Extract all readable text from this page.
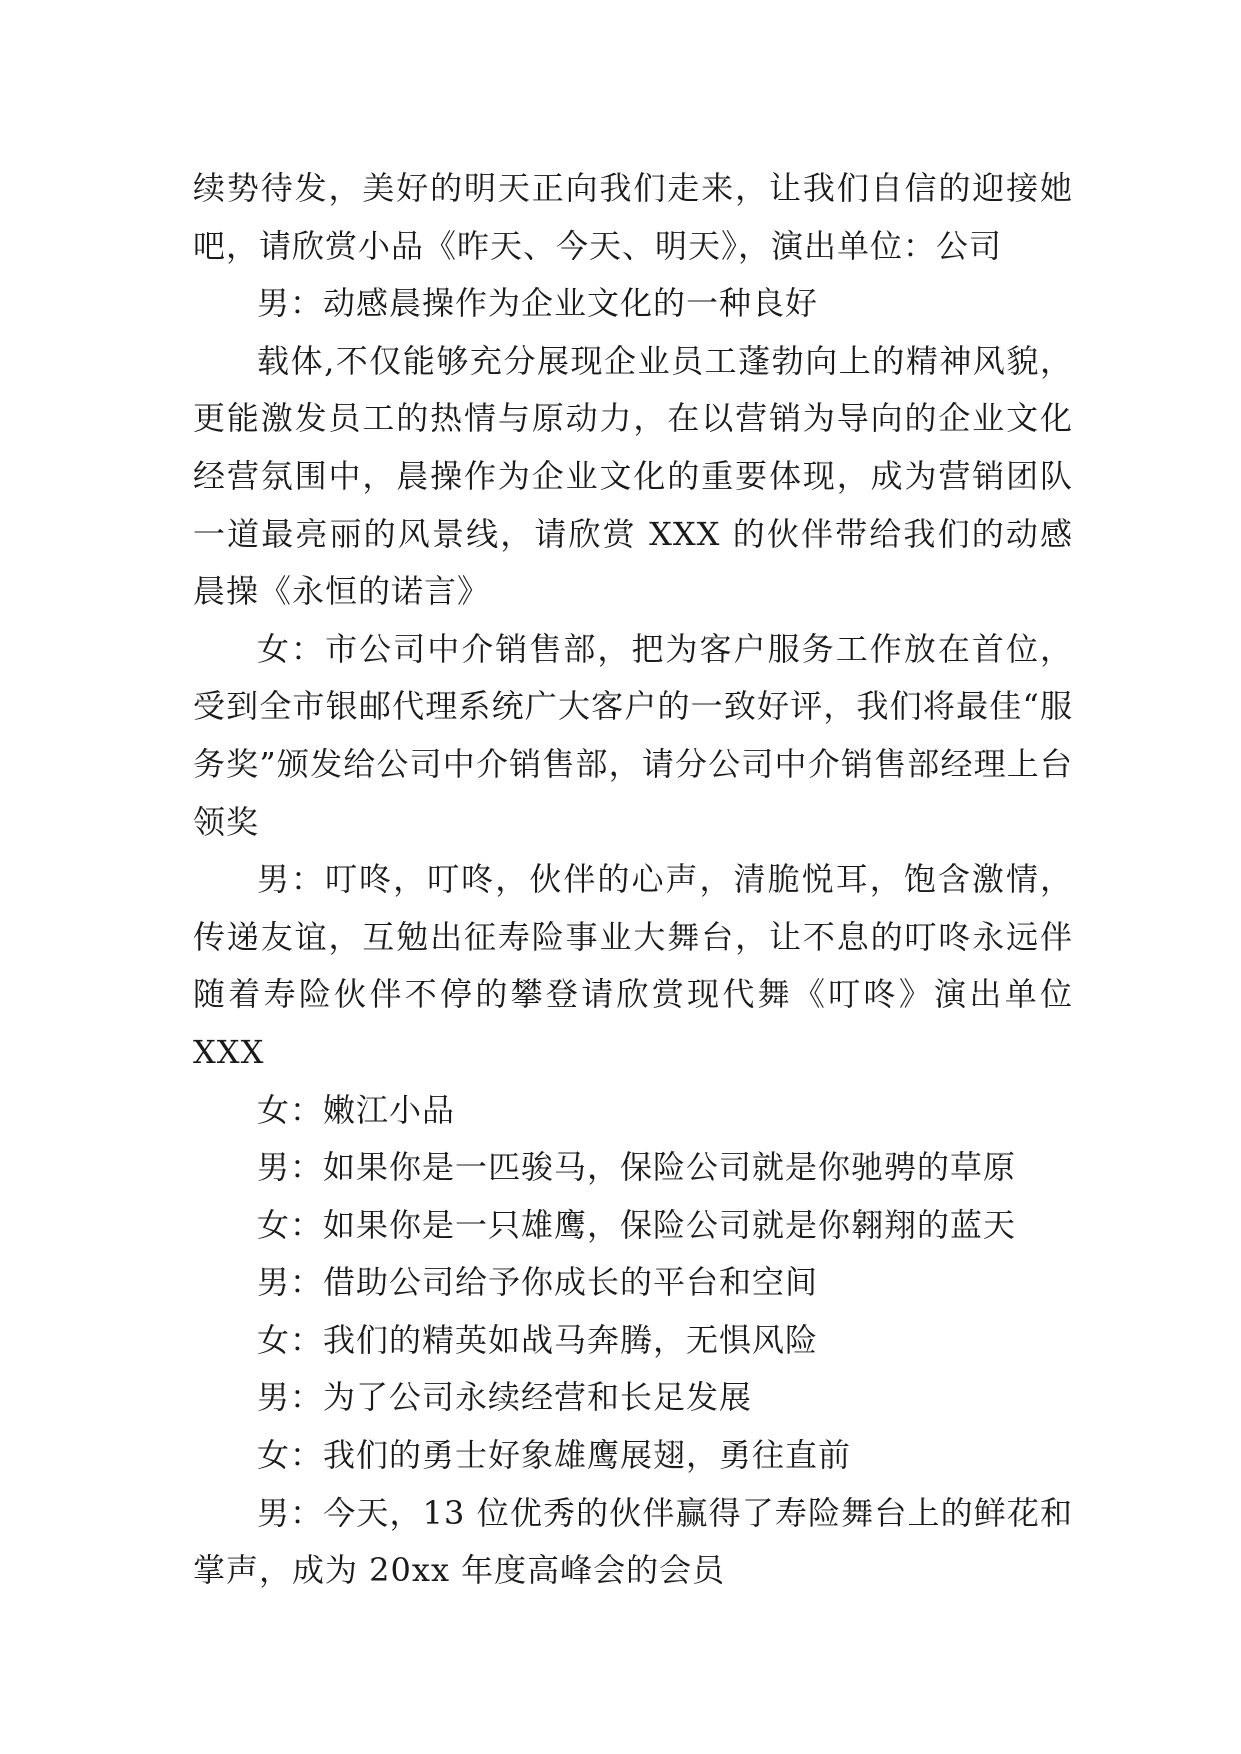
续势待发，美好的明天正向我们走来，让我们自信的迎接她吧，请欣赏小品《昨天、今天、明天》，演出单位：公司

男：动感晨操作为企业文化的一种良好

载体,不仅能够充分展现企业员工蓬勃向上的精神风貌，更能激发员工的热情与原动力，在以营销为导向的企业文化经营氛围中，晨操作为企业文化的重要体现，成为营销团队一道最亮丽的风景线，请欣赏 XXX 的伙伴带给我们的动感晨操《永恒的诺言》

女：市公司中介销售部，把为客户服务工作放在首位，受到全市银邮代理系统广大客户的一致好评，我们将最佳“服务奖”颁发给公司中介销售部，请分公司中介销售部经理上台领奖

男：叮咚，叮咚，伙伴的心声，清脆悦耳，饱含激情，传递友谊，互勉出征寿险事业大舞台，让不息的叮咚永远伴随着寿险伙伴不停的攀登请欣赏现代舞《叮咚》演出单位 XXX

女：嫩江小品

男：如果你是一匹骏马，保险公司就是你驰骋的草原

女：如果你是一只雄鹰，保险公司就是你翱翔的蓝天

男：借助公司给予你成长的平台和空间

女：我们的精英如战马奔腾，无惧风险

男：为了公司永续经营和长足发展

女：我们的勇士好象雄鹰展翅，勇往直前

男：今天，13 位优秀的伙伴赢得了寿险舞台上的鲜花和掌声，成为 20xx 年度高峰会的会员
